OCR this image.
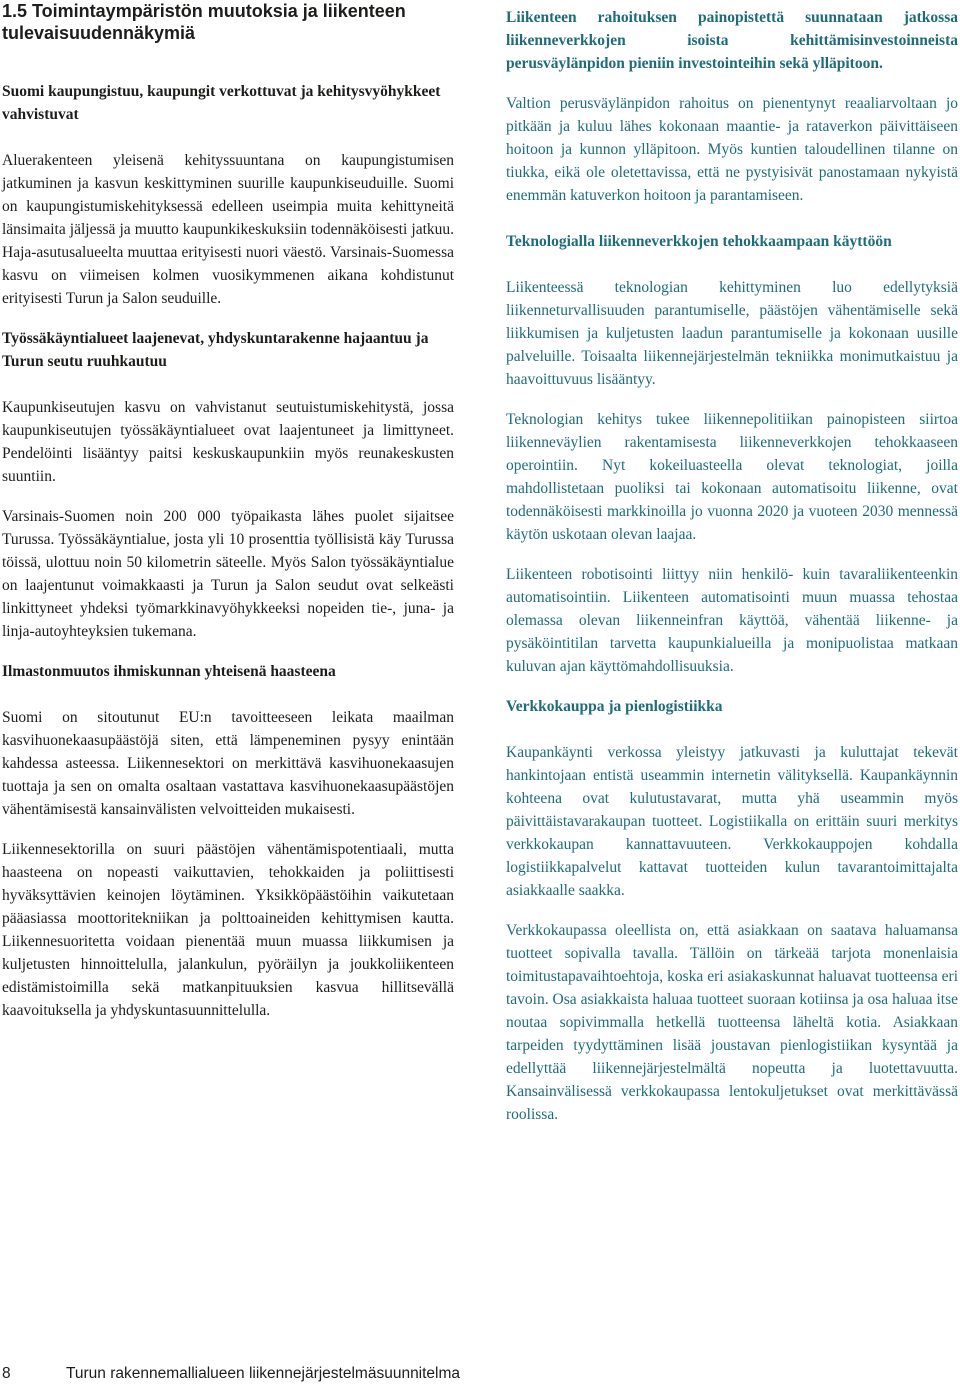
1.5 Toimintaympäristön muutoksia ja liikenteen tulevaisuudennäkymiä
Suomi kaupungistuu, kaupungit verkottuvat ja kehitysvyöhykkeet vahvistuvat

Aluerakenteen yleisenä kehityssuuntana on kaupungistumisen jatkuminen ja kasvun keskittyminen suurille kaupunkiseuduille. Suomi on kaupungistumiskehityksessä edelleen useimpia muita kehittyneitä länsimaita jäljessä ja muutto kaupunkikeskuksiin todennäköisesti jatkuu. Haja-asutusalueelta muuttaa erityisesti nuori väestö. Varsinais-Suomessa kasvu on viimeisen kolmen vuosikymmenen aikana kohdistunut erityisesti Turun ja Salon seuduille.

Työssäkäyntialueet laajenevat, yhdyskuntarakenne hajaantuu ja Turun seutu ruuhkautuu

Kaupunkiseutujen kasvu on vahvistanut seutuistumiskehitystä, jossa kaupunkiseutujen työssäkäyntialueet ovat laajentuneet ja limittyneet. Pendelöinti lisääntyy paitsi keskuskaupunkiin myös reunakeskusten suuntiin.

Varsinais-Suomen noin 200 000 työpaikasta lähes puolet sijaitsee Turussa. Työssäkäyntialue, josta yli 10 prosenttia työllisistä käy Turussa töissä, ulottuu noin 50 kilometrin säteelle. Myös Salon työssäkäyntialue on laajentunut voimakkaasti ja Turun ja Salon seudut ovat selkeästi linkittyneet yhdeksi työmarkkinavyöhykkeeksi nopeiden tie-, juna- ja linja-autoyhteyksien tukemana.

Ilmastonmuutos ihmiskunnan yhteisenä haasteena

Suomi on sitoutunut EU:n tavoitteeseen leikata maailman kasvihuonekaasupäästöjä siten, että lämpeneminen pysyy enintään kahdessa asteessa. Liikennesektori on merkittävä kasvihuonekaasujen tuottaja ja sen on omalta osaltaan vastattava kasvihuonekaasupäästöjen vähentämisestä kansainvälisten velvoitteiden mukaisesti.

Liikennesektorilla on suuri päästöjen vähentämispotentiaali, mutta haasteena on nopeasti vaikuttavien, tehokkaiden ja poliittisesti hyväksyttävien keinojen löytäminen. Yksikköpäästöihin vaikutetaan pääasiassa moottoritekniikan ja polttoaineiden kehittymisen kautta. Liikennesuoritetta voidaan pienentää muun muassa liikkumisen ja kuljetusten hinnoittelulla, jalankulun, pyöräilyn ja joukkoliikenteen edistämistoimilla sekä matkanpituuksien kasvua hillitsevällä kaavoituksella ja yhdyskuntasuunnittelulla.

Liikenteen rahoituksen painopistettä suunnataan jatkossa liikenneverkkojen isoista kehittämisinvestoinneista perusväylänpidon pieniin investointeihin sekä ylläpitoon.

Valtion perusväylänpidon rahoitus on pienentynyt reaaliarvoltaan jo pitkään ja kuluu lähes kokonaan maantie- ja rataverkon päivittäiseen hoitoon ja kunnon ylläpitoon. Myös kuntien taloudellinen tilanne on tiukka, eikä ole oletettavissa, että ne pystyisivät panostamaan nykyistä enemmän katuverkon hoitoon ja parantamiseen.

Teknologialla liikenneverkkojen tehokkaampaan käyttöön

Liikenteessä teknologian kehittyminen luo edellytyksiä liikenneturvallisuuden parantumiselle, päästöjen vähentämiselle sekä liikkumisen ja kuljetusten laadun parantumiselle ja kokonaan uusille palveluille. Toisaalta liikennejärjestelmän tekniikka monimutkaistuu ja haavoittuvuus lisääntyy.

Teknologian kehitys tukee liikennepolitiikan painopisteen siirtoa liikenneväylien rakentamisesta liikenneverkkojen tehokkaaseen operointiin. Nyt kokeiluasteella olevat teknologiat, joilla mahdollistetaan puoliksi tai kokonaan automatisoitu liikenne, ovat todennäköisesti markkinoilla jo vuonna 2020 ja vuoteen 2030 mennessä käytön uskotaan olevan laajaa.

Liikenteen robotisointi liittyy niin henkilö- kuin tavaraliikenteenkin automatisointiin. Liikenteen automatisointi muun muassa tehostaa olemassa olevan liikenneinfran käyttöä, vähentää liikenne- ja pysäköintitilan tarvetta kaupunkialueilla ja monipuolistaa matkaan kuluvan ajan käyttömahdollisuuksia.

Verkkokauppa ja pienlogistiikka

Kaupankäynti verkossa yleistyy jatkuvasti ja kuluttajat tekevät hankintojaan entistä useammin internetin välityksellä. Kaupankäynnin kohteena ovat kulutustavarat, mutta yhä useammin myös päivittäistavarakaupan tuotteet. Logistiikalla on erittäin suuri merkitys verkkokaupan kannattavuuteen. Verkkokauppojen kohdalla logistiikkapalvelut kattavat tuotteiden kulun tavarantoimittajalta asiakkaalle saakka.

Verkkokaupassa oleellista on, että asiakkaan on saatava haluamansa tuotteet sopivalla tavalla. Tällöin on tärkeää tarjota monenlaisia toimitustapavaihtoehtoja, koska eri asiakaskunnat haluavat tuotteensa eri tavoin. Osa asiakkaista haluaa tuotteet suoraan kotiinsa ja osa haluaa itse noutaa sopivimmalla hetkellä tuotteensa läheltä kotia. Asiakkaan tarpeiden tyydyttäminen lisää joustavan pienlogistiikan kysyntää ja edellyttää liikennejärjestelmältä nopeutta ja luotettavuutta. Kansainvälisessä verkkokaupassa lentokuljetukset ovat merkittävässä roolissa.

8	Turun rakennemallialueen liikennejärjestelmäsuunnitelma
